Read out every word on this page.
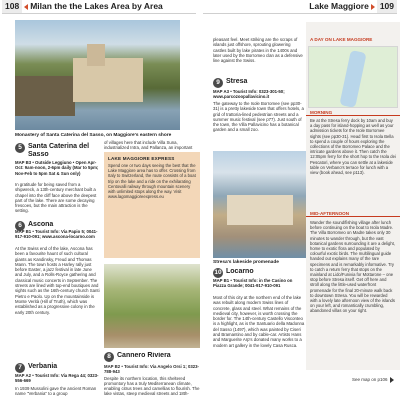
108 Milan the the Lakes Area by Area	Lake Maggiore 109
Monastery of Santa Caterina del Sasso, on Maggiore's eastern shore
5 Santa Caterina del Sasso
MAP B3 • Outside Leggiuno • Open Apr-Oct: 9am-noon, 2-6pm daily (Mar to 5pm; Nov-Feb to 5pm Sat & Sun only)

In gratitude for being saved from a shipwreck, a 13th-century merchant built a chapel into the cliff face above the deepest part of the lake. There are some decaying frescoes, but the main attraction is the setting.

6 Ascona
MAP B1 • Tourist Info: Via Papio 5; 0041-917-910-091; www.ascona-locarno.com

At the Swiss end of the lake, Ascona has been a favourite haunt of such cultural giants as Kandinsky, Freud and Thomas Mann. The town hosts a Harley rally just before Easter, a jazz festival in late June and July, and a Rolls-Royce gathering and classical music concerts in September. The streets are lined with top-end boutiques and sights such as the 16th-century church Santi Pietro e Paolo. Up on the mountainside is Monte Verità (Hill of Truth), which was established as a progressive colony in the early 20th century.

7 Verbania
MAP A2 • Tourist Info: Via Rega 44; 0323-556-669

In 1939 Mussolini gave the ancient Roman name "Verbania" to a group

of villages here that include Villa Suna, industrialized Intra, and Pallanza, an important

LAKE MAGGIORE EXPRESS

Spend one or two days seeing the best that the Lake Maggiore area has to offer. Crossing from Italy to Switzerland, the route consists of a boat trip on the lake and a ride on the exhilarating Centovalli railway through mountain scenery with unlimited stops along the way. Visit www.lagomaggioreexpress.eu

pleasant feel. Meet striking are the scraps of islands just offshore, sprouting glowering castles built by lake pirates in the 1400s and later used by the Borromeo clan as a defensive line against the Swiss.

9 Stresa
MAP A3 • Tourist Info: 0323-301-50; www.parcozoopallavicino.it

The gateway to the Isole Borromee (see pp30-31) is a pretty lakeside town that offers hotels, a grid of trattoria-lined pedestrian streets and a summer music festival (see p77). Just south of the town, the Villa Pallavicino has a botanical garden and a small zoo.

Stresa's lakeside promenade
10 Locarno
MAP B1 • Tourist Info: in the Casino on Piazza Grande; 0041-917-910-091

Most of this city at the northern end of the lake was rebuilt along modern Swiss lines of concrete, glass and steel. What remains of the medieval city, however, is worth crossing the border for. The 14th-century Castello Visconteo is a highlight, as is the Santuario della Madonna del Sasso (1497), which was painted by Ciseri and Bramantino and by cable-car. Artists Hans and Marguerite Arp's donated many works to a modern art gallery in the lovely Casa Rusca.

A DAY ON LAKE MAGGIORE
MORNING

Be at the Stresa ferry dock by 10am and buy a day pass for island-hopping as well as your admission tickets for the Isole Borromee sights (see pp30-31). Head first to Isola Bella to spend a couple of hours exploring the collections of the Borromeo Palace and the intricate gardens above it. Then catch the 12:05pm ferry for the short hop to the Isola dei Pescatori, where you can settle at a lakeside table on Verbano's terrace for lunch with a view (book ahead, see p113).

MID-AFTERNOON

Wander the sound/fishing village after lunch before continuing on the boat to Isola Madre. The Villa Borromeo on Madre takes only 30 minutes to wander through, but the vast botanical gardens surrounding it are a delight, home to exotic flora and populated by colourful exotic birds. The multilingual guide handed out explains many of the rare specimens and is remarkably informative. Try to catch a return ferry that stops on the mainland at Lido/Funivia for Mottarone – one stop before Stresa itself. Get off here and stroll along the little-used waterfront promenade for the final 20-minute walk back to downtown Stresa. You will be rewarded with a lovely late afternoon view of the islands on your left, and romantically crumbling, abandoned villas on your right.

See map on p106
8 Cannero Riviera
MAP B2 • Tourist Info: Via Angelo Orsi 1; 0323-788-943

Despite its northern location, this sheltered promontory has a truly Mediterranean climate, enabling citrus trees and camellias to flourish. The lake vistas, steep medieval streets and 18th-
